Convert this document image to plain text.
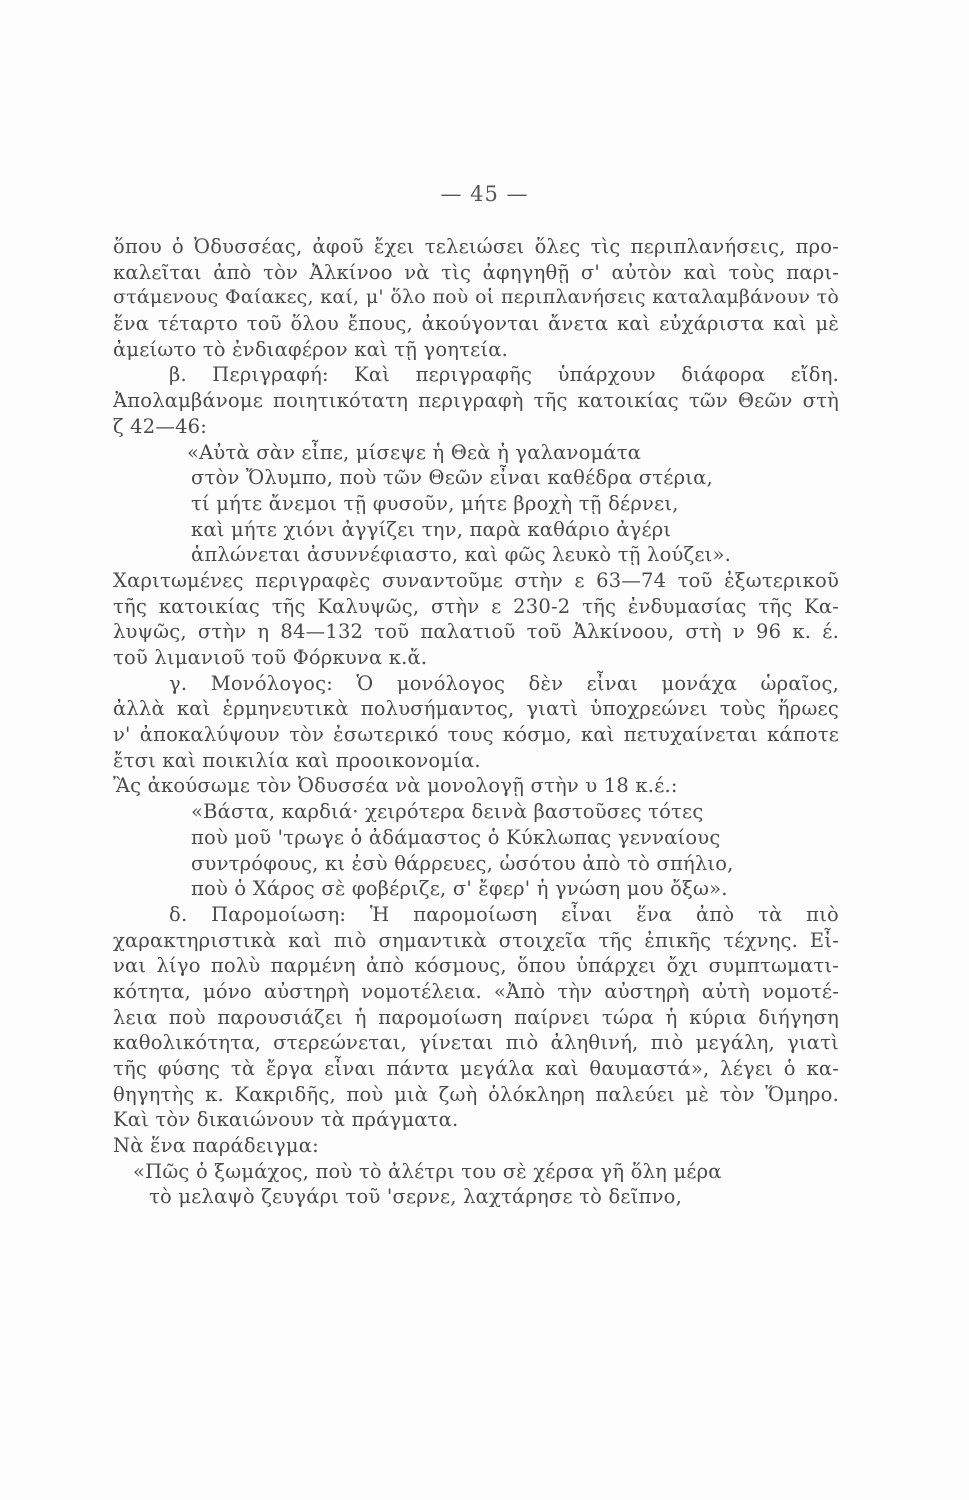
— 45 —
ὅπου ὁ Ὀδυσσέας, ἀφοῦ ἔχει τελειώσει ὅλες τὶς περιπλανήσεις, προ-
καλεῖται ἀπὸ τὸν Ἀλκίνοο νὰ τὶς ἀφηγηθῇ σ' αὐτὸν καὶ τοὺς παρι-
στάμενους Φαίακες, καί, μ' ὅλο ποὺ οἱ περιπλανήσεις καταλαμβάνουν τὸ
ἕνα τέταρτο τοῦ ὅλου ἔπους, ἀκούγονται ἄνετα καὶ εὐχάριστα καὶ μὲ
ἀμείωτο τὸ ἐνδιαφέρον καὶ τῇ γοητεία.
β. Περιγραφή: Καὶ περιγραφῆς ὑπάρχουν διάφορα εἴδη.
Ἀπολαμβάνομε ποιητικότατη περιγραφὴ τῆς κατοικίας τῶν Θεῶν στὴ
ζ 42—46:
«Αὐτὰ σὰν εἶπε, μίσεψε ἡ Θεὰ ἡ γαλανομάτα
στὸν Ὄλυμπο, ποὺ τῶν Θεῶν εἶναι καθέδρα στέρια,
τί μήτε ἄνεμοι τῇ φυσοῦν, μήτε βροχὴ τῇ δέρνει,
καὶ μήτε χιόνι ἀγγίζει την, παρὰ καθάριο ἀγέρι
ἁπλώνεται ἀσυννέφιαστο, καὶ φῶς λευκὸ τῇ λούζει».
Χαριτωμένες περιγραφὲς συναντοῦμε στὴν ε 63—74 τοῦ ἐξωτερικοῦ
τῆς κατοικίας τῆς Καλυψῶς, στὴν ε 230-2 τῆς ἐνδυμασίας τῆς Κα-
λυψῶς, στὴν η 84—132 τοῦ παλατιοῦ τοῦ Ἀλκίνοου, στὴ ν 96 κ. έ.
τοῦ λιμανιοῦ τοῦ Φόρκυνα κ.ἄ.
γ. Μονόλογος: Ὁ μονόλογος δὲν εἶναι μονάχα ὡραῖος,
ἀλλὰ καὶ ἑρμηνευτικὰ πολυσήμαντος, γιατὶ ὑποχρεώνει τοὺς ἥρωες
ν' ἀποκαλύψουν τὸν ἐσωτερικό τους κόσμο, καὶ πετυχαίνεται κάποτε
ἔτσι καὶ ποικιλία καὶ προοικονομία.
Ἂς ἀκούσωμε τὸν Ὀδυσσέα νὰ μονολογῇ στὴν υ 18 κ.έ.:
«Βάστα, καρδιά· χειρότερα δεινὰ βαστοῦσες τότες
ποὺ μοῦ 'τρωγε ὁ ἀδάμαστος ὁ Κύκλωπας γενναίους
συντρόφους, κι ἐσὺ θάρρευες, ὡσότου ἀπὸ τὸ σπήλιο,
ποὺ ὁ Χάρος σὲ φοβέριζε, σ' ἔφερ' ἡ γνώση μου ὄξω».
δ. Παρομοίωση: Ἡ παρομοίωση εἶναι ἕνα ἀπὸ τὰ πιὸ
χαρακτηριστικὰ καὶ πιὸ σημαντικὰ στοιχεῖα τῆς ἐπικῆς τέχνης. Εἶ-
ναι λίγο πολὺ παρμένη ἀπὸ κόσμους, ὅπου ὑπάρχει ὄχι συμπτωματι-
κότητα, μόνο αὐστηρὴ νομοτέλεια. «Ἀπὸ τὴν αὐστηρὴ αὐτὴ νομοτέ-
λεια ποὺ παρουσιάζει ἡ παρομοίωση παίρνει τώρα ἡ κύρια διήγηση
καθολικότητα, στερεώνεται, γίνεται πιὸ ἀληθινή, πιὸ μεγάλη, γιατὶ
τῆς φύσης τὰ ἔργα εἶναι πάντα μεγάλα καὶ θαυμαστά», λέγει ὁ κα-
θηγητὴς κ. Κακριδῆς, ποὺ μιὰ ζωὴ ὁλόκληρη παλεύει μὲ τὸν Ὅμηρο.
Καὶ τὸν δικαιώνουν τὰ πράγματα.
Νὰ ἕνα παράδειγμα:
«Πῶς ὁ ξωμάχος, ποὺ τὸ ἀλέτρι του σὲ χέρσα γῆ ὅλη μέρα
τὸ μελαψὸ ζευγάρι τοῦ 'σερνε, λαχτάρησε τὸ δεῖπνο,
